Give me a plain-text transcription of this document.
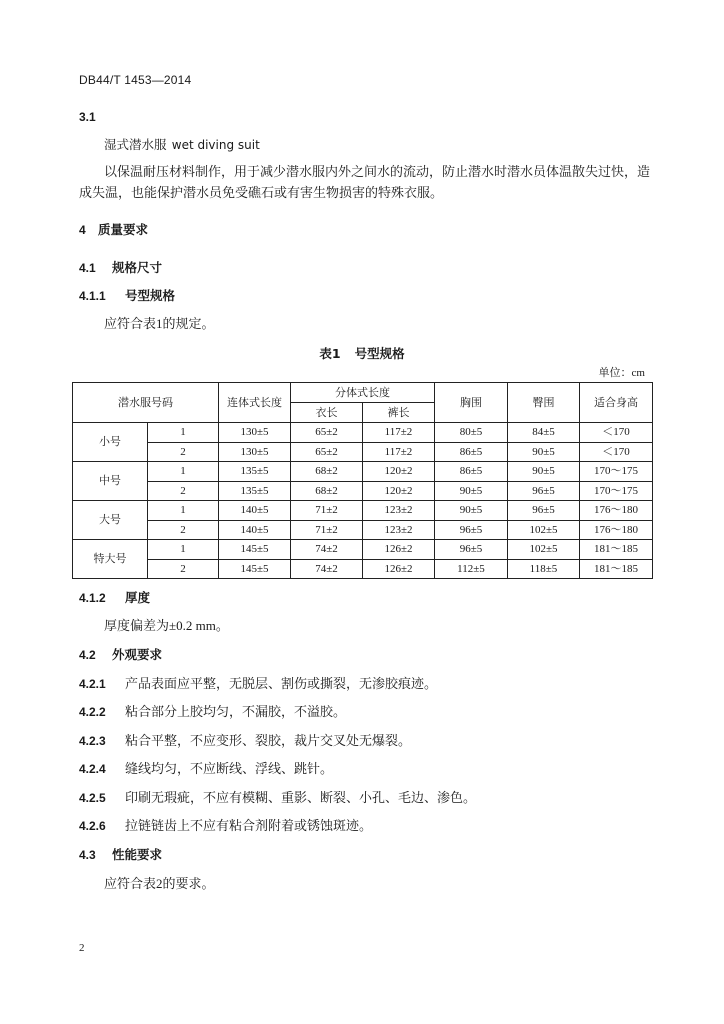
DB44/T 1453—2014
3.1
湿式潜水服 wet diving suit
以保温耐压材料制作，用于减少潜水服内外之间水的流动，防止潜水时潜水员体温散失过快，造
成失温，也能保护潜水员免受礁石或有害生物损害的特殊衣服。
4 质量要求
4.1 规格尺寸
4.1.1 号型规格
应符合表1的规定。
表1 号型规格
单位：cm
潜水服号码		连体式长度	分体式长度		胸围	臀围	适合身高
			衣长	裤长			
小号	1	130±5	65±2	117±2	80±5	84±5	＜170
	2	130±5	65±2	117±2	86±5	90±5	＜170
中号	1	135±5	68±2	120±2	86±5	90±5	170～175
	2	135±5	68±2	120±2	90±5	96±5	170～175
大号	1	140±5	71±2	123±2	90±5	96±5	176～180
	2	140±5	71±2	123±2	96±5	102±5	176～180
特大号	1	145±5	74±2	126±2	96±5	102±5	181～185
	2	145±5	74±2	126±2	112±5	118±5	181～185
4.1.2 厚度
厚度偏差为±0.2 mm。
4.2 外观要求
4.2.1 产品表面应平整，无脱层、割伤或撕裂，无渗胶痕迹。
4.2.2 粘合部分上胶均匀，不漏胶，不溢胶。
4.2.3 粘合平整，不应变形、裂胶，裁片交叉处无爆裂。
4.2.4 缝线均匀，不应断线、浮线、跳针。
4.2.5 印刷无瑕疵，不应有模糊、重影、断裂、小孔、毛边、渗色。
4.2.6 拉链链齿上不应有粘合剂附着或锈蚀斑迹。
4.3 性能要求
应符合表2的要求。
2
